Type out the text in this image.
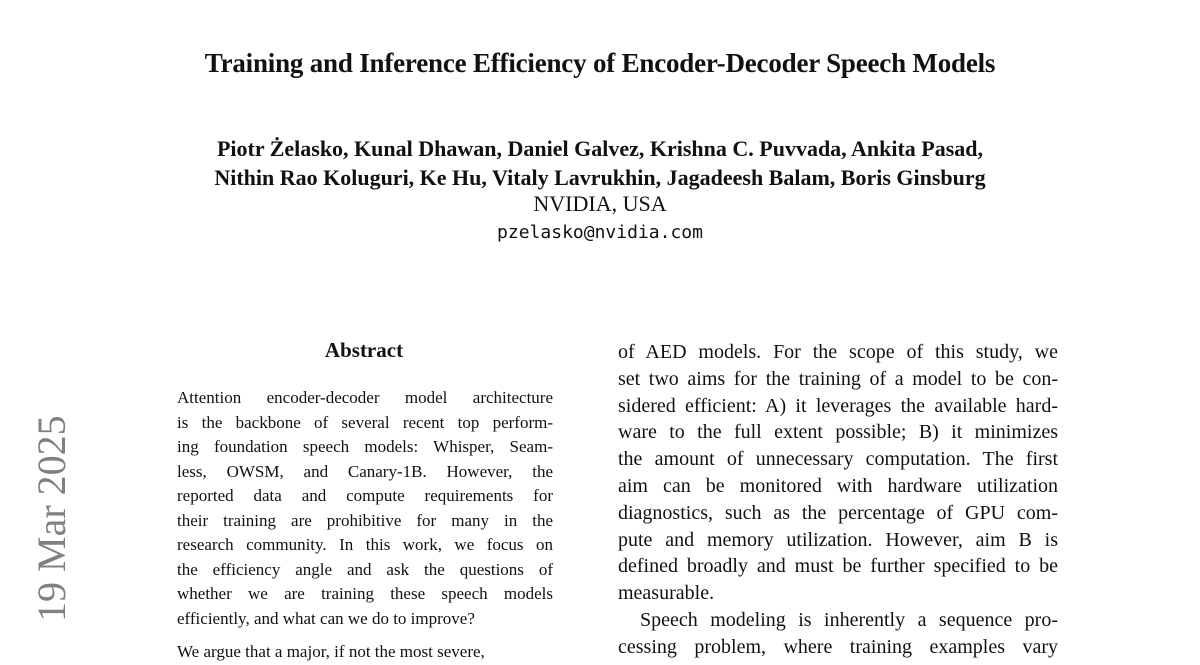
Training and Inference Efficiency of Encoder-Decoder Speech Models
Piotr Żelasko, Kunal Dhawan, Daniel Galvez, Krishna C. Puvvada, Ankita Pasad,
Nithin Rao Koluguri, Ke Hu, Vitaly Lavrukhin, Jagadeesh Balam, Boris Ginsburg
NVIDIA, USA
pzelasko@nvidia.com
19 Mar 2025
Abstract
Attention encoder-decoder model architecture
is the backbone of several recent top perform-
ing foundation speech models: Whisper, Seam-
less, OWSM, and Canary-1B. However, the
reported data and compute requirements for
their training are prohibitive for many in the
research community. In this work, we focus on
the efficiency angle and ask the questions of
whether we are training these speech models
efficiently, and what can we do to improve?
We argue that a major, if not the most severe,
of AED models. For the scope of this study, we
set two aims for the training of a model to be con-
sidered efficient: A) it leverages the available hard-
ware to the full extent possible; B) it minimizes
the amount of unnecessary computation. The first
aim can be monitored with hardware utilization
diagnostics, such as the percentage of GPU com-
pute and memory utilization. However, aim B is
defined broadly and must be further specified to be
measurable.
Speech modeling is inherently a sequence pro-
cessing problem, where training examples vary
